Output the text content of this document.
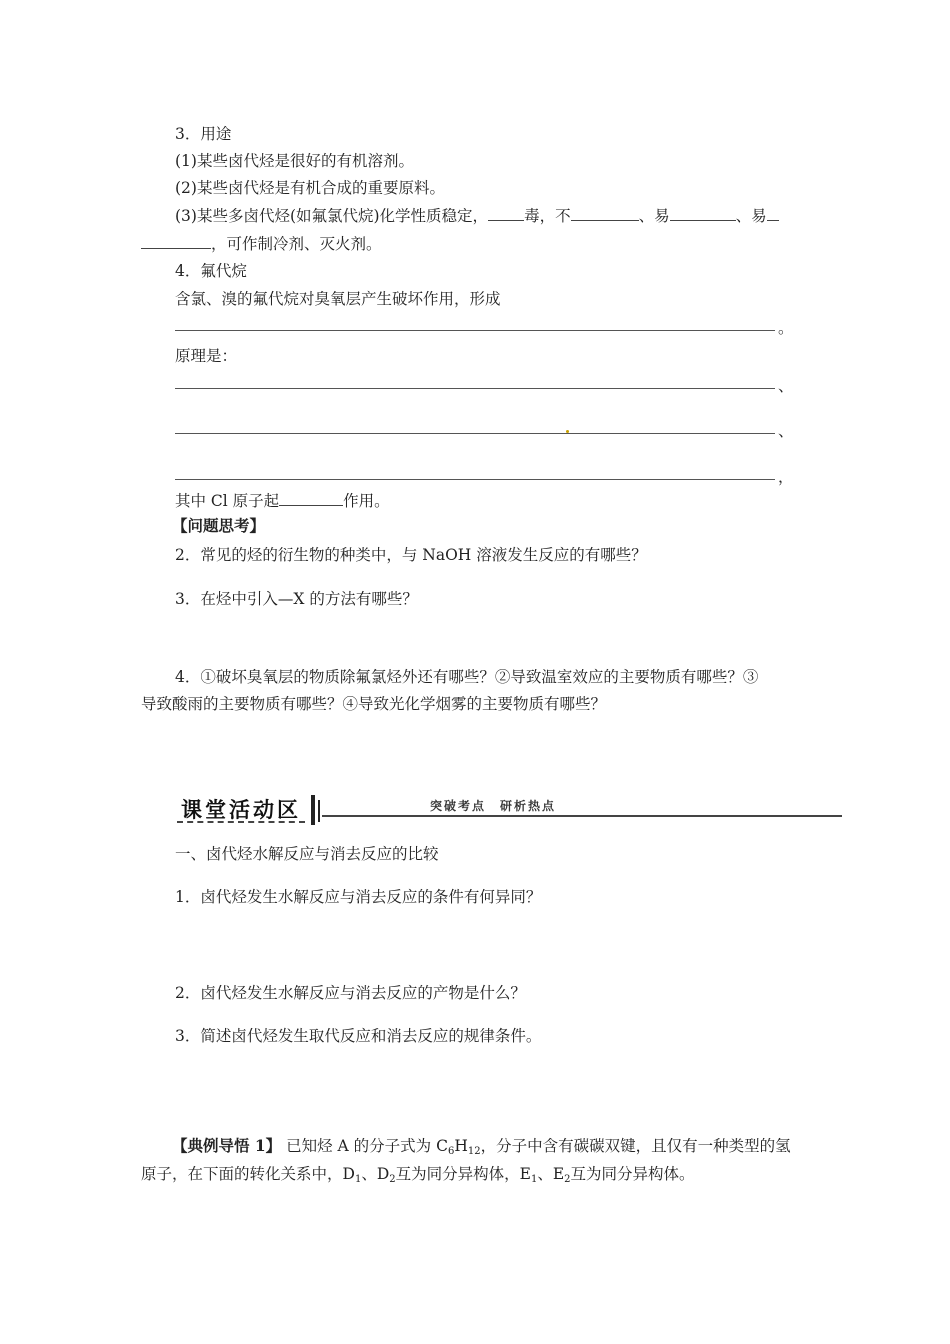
3．用途
(1)某些卤代烃是很好的有机溶剂。
(2)某些卤代烃是有机合成的重要原料。
(3)某些多卤代烃(如氟氯代烷)化学性质稳定， 毒，不	、易	、易
，可作制冷剂、灭火剂。
4．氟代烷
含氯、溴的氟代烷对臭氧层产生破坏作用，形成
。
原理是：
、
、
，
其中 Cl 原子起	作用。
【问题思考】
2．常见的烃的衍生物的种类中，与 NaOH 溶液发生反应的有哪些？
3．在烃中引入—X 的方法有哪些？
4．①破坏臭氧层的物质除氟氯烃外还有哪些？②导致温室效应的主要物质有哪些？③
导致酸雨的主要物质有哪些？④导致光化学烟雾的主要物质有哪些？
课堂活动区	突破考点　研析热点
一、卤代烃水解反应与消去反应的比较
1．卤代烃发生水解反应与消去反应的条件有何异同？
2．卤代烃发生水解反应与消去反应的产物是什么？
3．简述卤代烃发生取代反应和消去反应的规律条件。
【典例导悟 1】 已知烃 A 的分子式为 $C_6H_{12}$，分子中含有碳碳双键，且仅有一种类型的氢
原子，在下面的转化关系中，$D_1$、$D_2$互为同分异构体，$E_1$、$E_2$互为同分异构体。
